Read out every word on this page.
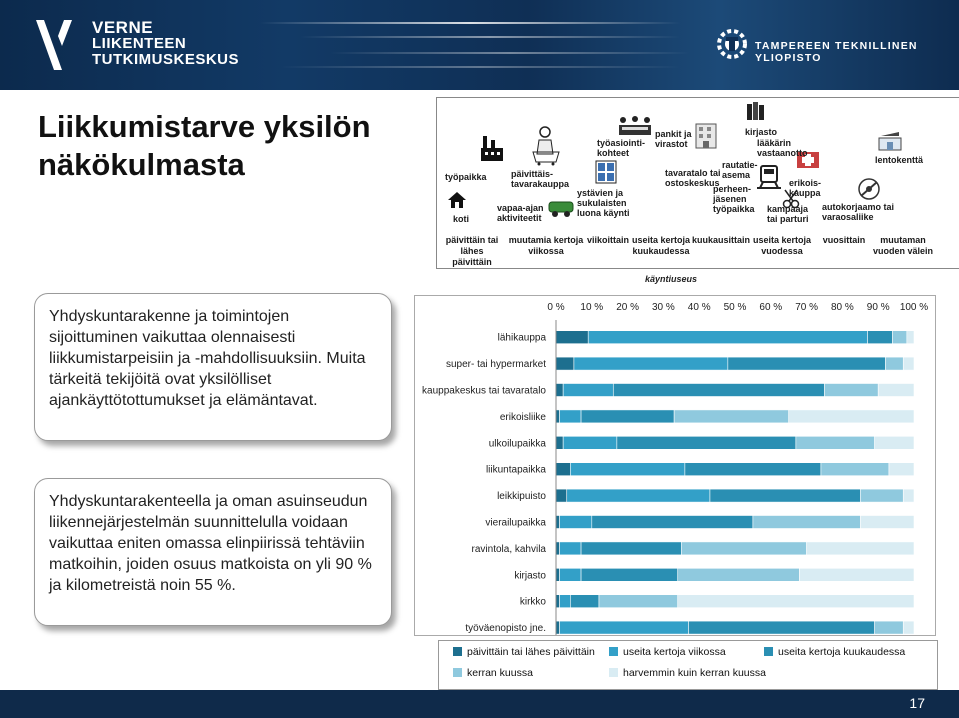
VERNE
LIIKENTEEN
TUTKIMUSKESKUS
TAMPEREEN TEKNILLINEN YLIOPISTO
Liikkumistarve yksilön
näkökulmasta	työpaikka
koti
vapaa-ajan
aktiviteetit
päivittäis-
tavarakauppa
työasiointi-
kohteet
ystävien ja
sukulaisten
luona käynti
pankit ja
virastot
tavaratalo tai
ostoskeskus
rautatie-
asema
perheen-
jäsenen
työpaikka
kirjasto
lääkärin
vastaanotto
erikois-
kauppa
kampaaja
tai parturi
autokorjaamo tai
varaosaliike
lentokenttä
päivittäin tai
lähes päivittäin
muutamia kertoja
viikossa
viikoittain useita kertoja
kuukaudessa
kuukausittain useita kertoja
vuodessa
vuosittain	muutaman
vuoden välein
käyntiuseus
Yhdyskuntarakenne ja toimintojen sijoittuminen vaikuttaa olennaisesti liikkumistarpeisiin ja -mahdollisuuksiin. Muita tärkeitä tekijöitä ovat yksilölliset ajankäyttötottumukset ja elämäntavat.
Yhdyskuntarakenteella ja oman asuinseudun liikennejärjestelmän suunnittelulla voidaan vaikuttaa eniten omassa elinpiirissä tehtäviin matkoihin, joiden osuus matkoista on yli 90 % ja kilometreistä noin 55 %.
0 % 10 % 20 % 30 % 40 % 50 % 60 % 70 % 80 % 90 % 100 %
lähikauppa
super- tai hypermarket
kauppakeskus tai tavaratalo
erikoisliike
ulkoilupaikka
liikuntapaikka
leikkipuisto
vierailupaikka
ravintola, kahvila
kirjasto
kirkko
työväenopisto jne.
päivittäin tai lähes päivittäin	useita kertoja viikossa	useita kertoja kuukaudessa
kerran kuussa	harvemmin kuin kerran kuussa
17
